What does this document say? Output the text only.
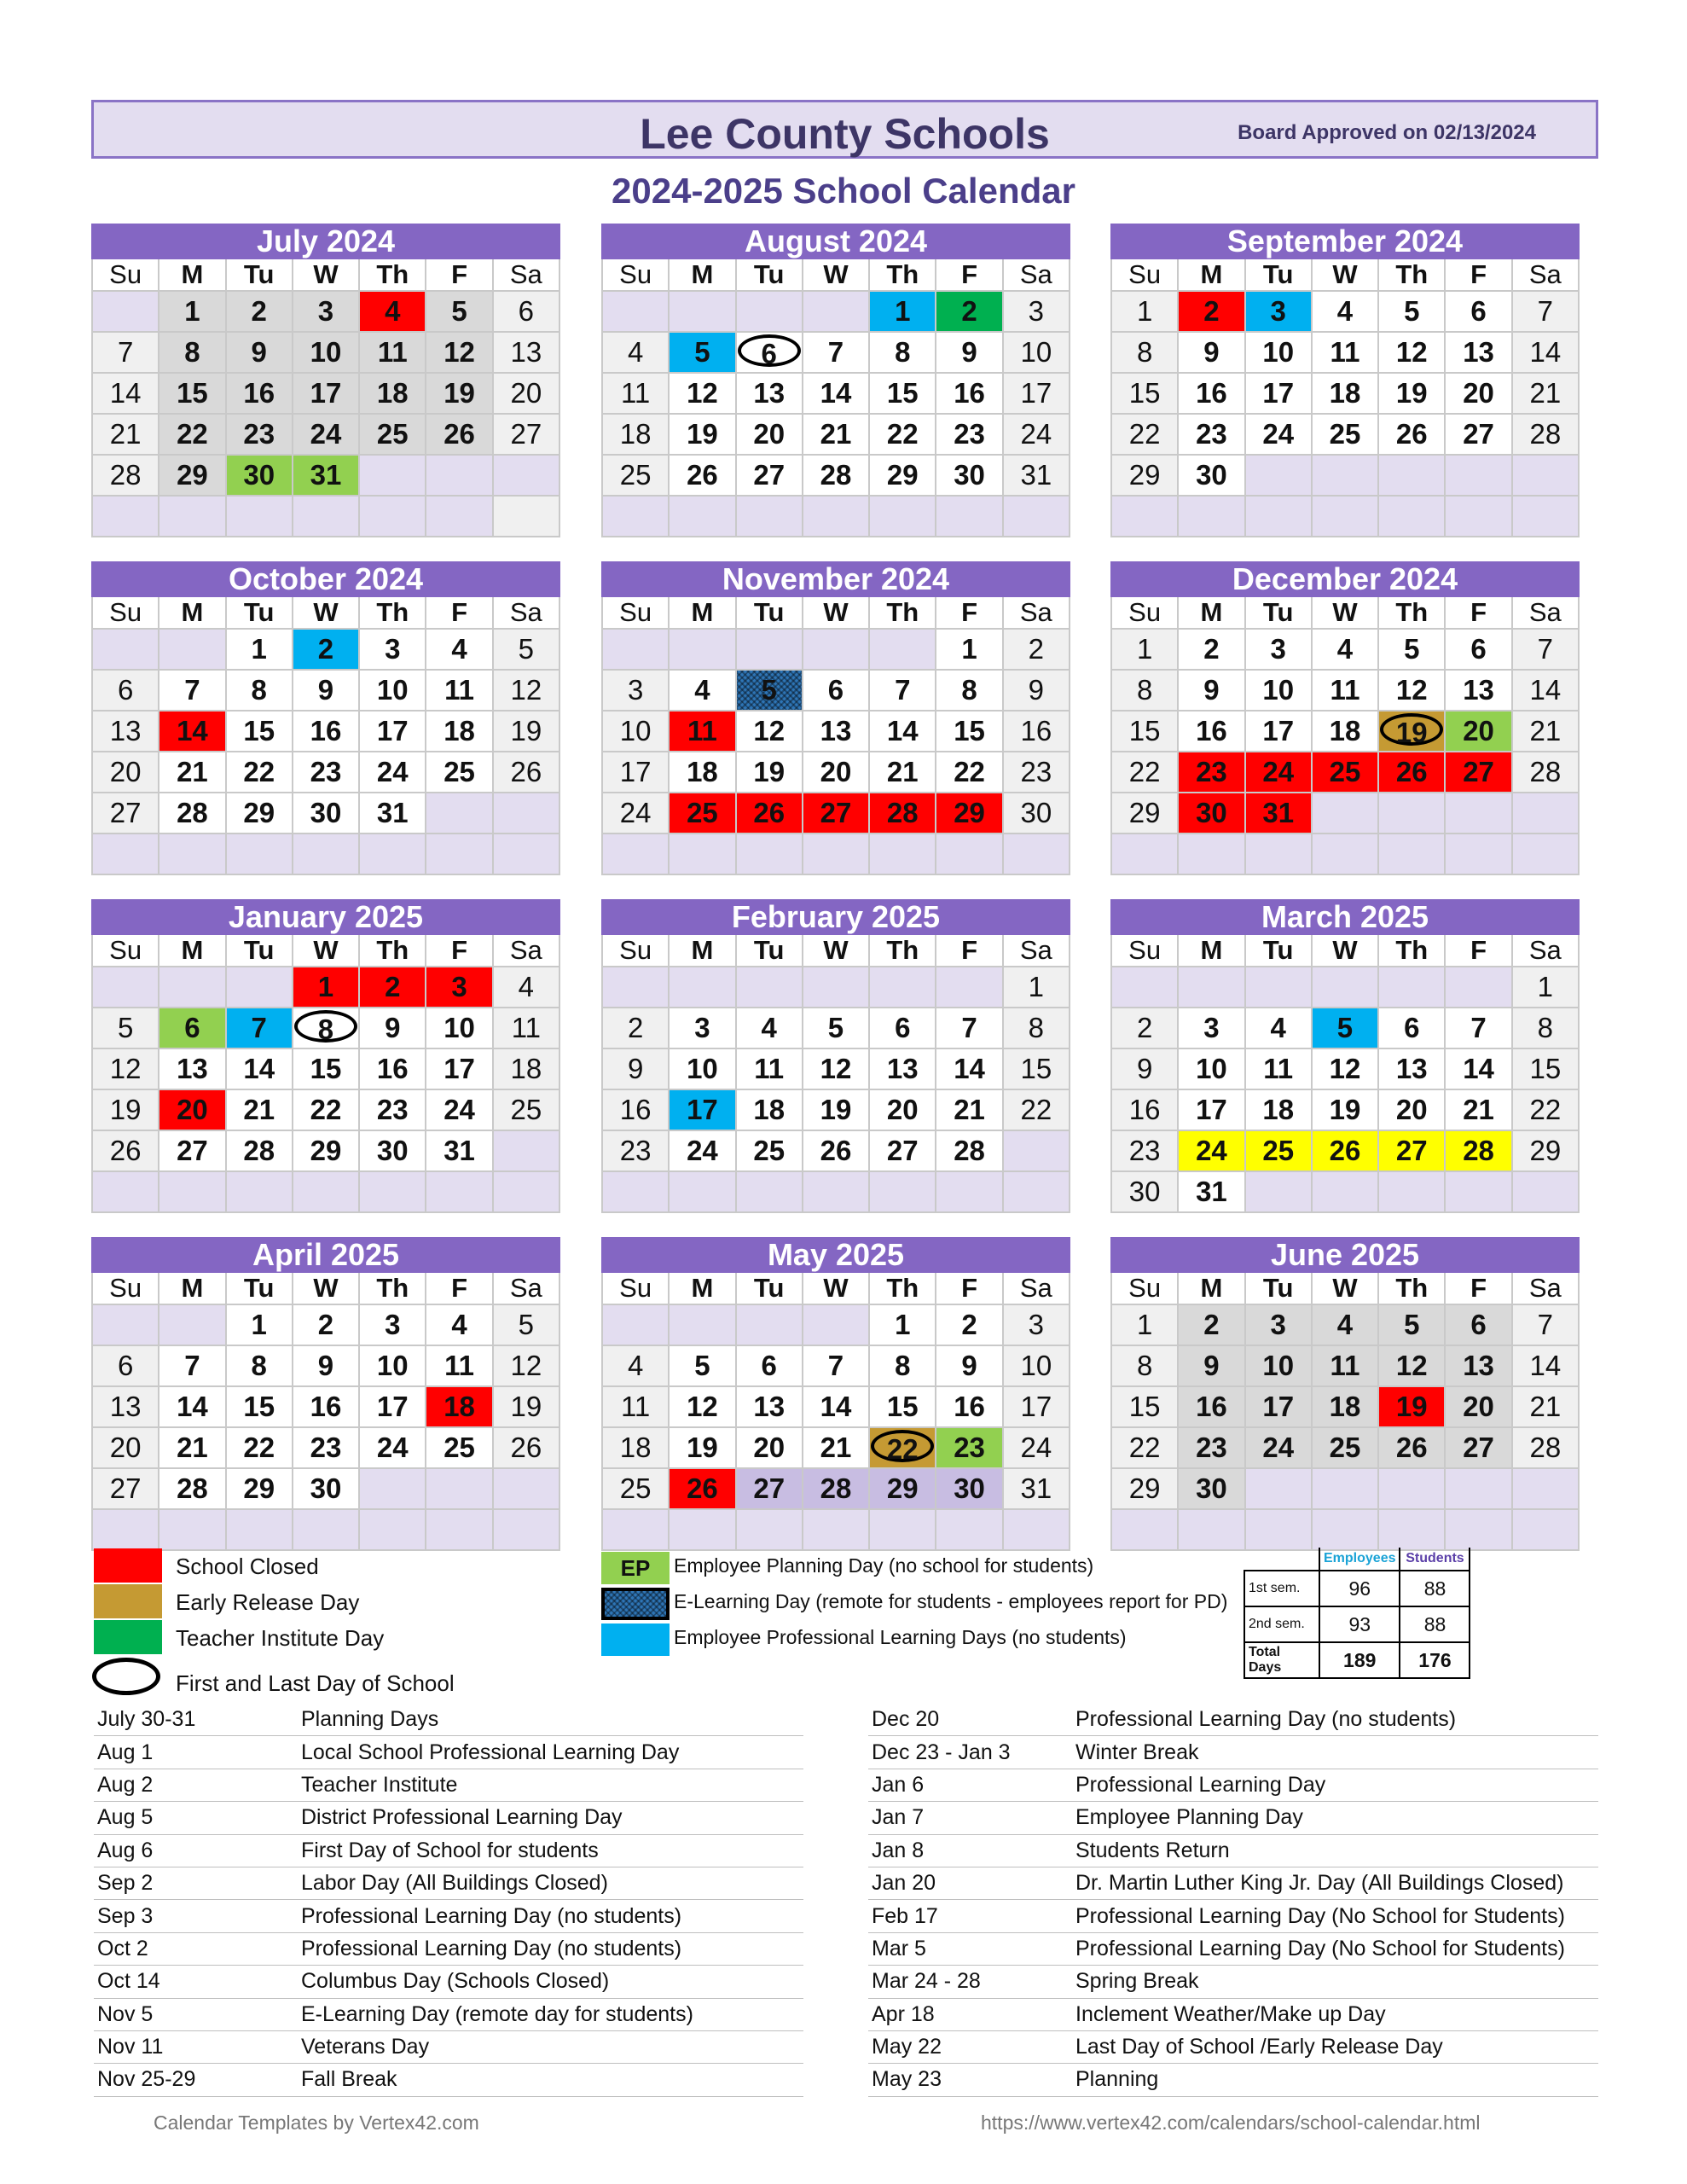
Lee County Schools	Board Approved on 02/13/2024
2024-2025 School Calendar
July 2024
Su	M	Tu	W	Th	F	Sa
	1	2	3	4	5	6
7	8	9	10	11	12	13
14	15	16	17	18	19	20
21	22	23	24	25	26	27
28	29	30	31			

August 2024
Su	M	Tu	W	Th	F	Sa
				1	2	3
4	5	6	7	8	9	10
11	12	13	14	15	16	17
18	19	20	21	22	23	24
25	26	27	28	29	30	31

September 2024
Su	M	Tu	W	Th	F	Sa
1	2	3	4	5	6	7
8	9	10	11	12	13	14
15	16	17	18	19	20	21
22	23	24	25	26	27	28
29	30					

October 2024
Su	M	Tu	W	Th	F	Sa
		1	2	3	4	5
6	7	8	9	10	11	12
13	14	15	16	17	18	19
20	21	22	23	24	25	26
27	28	29	30	31		

November 2024
Su	M	Tu	W	Th	F	Sa
					1	2
3	4	5	6	7	8	9
10	11	12	13	14	15	16
17	18	19	20	21	22	23
24	25	26	27	28	29	30

December 2024
Su	M	Tu	W	Th	F	Sa
1	2	3	4	5	6	7
8	9	10	11	12	13	14
15	16	17	18	19	20	21
22	23	24	25	26	27	28
29	30	31				

January 2025
Su	M	Tu	W	Th	F	Sa
			1	2	3	4
5	6	7	8	9	10	11
12	13	14	15	16	17	18
19	20	21	22	23	24	25
26	27	28	29	30	31	

February 2025
Su	M	Tu	W	Th	F	Sa
						1
2	3	4	5	6	7	8
9	10	11	12	13	14	15
16	17	18	19	20	21	22
23	24	25	26	27	28	

March 2025
Su	M	Tu	W	Th	F	Sa
						1
2	3	4	5	6	7	8
9	10	11	12	13	14	15
16	17	18	19	20	21	22
23	24	25	26	27	28	29
30	31					
April 2025
Su	M	Tu	W	Th	F	Sa
		1	2	3	4	5
6	7	8	9	10	11	12
13	14	15	16	17	18	19
20	21	22	23	24	25	26
27	28	29	30			

May 2025
Su	M	Tu	W	Th	F	Sa
				1	2	3
4	5	6	7	8	9	10
11	12	13	14	15	16	17
18	19	20	21	22	23	24
25	26	27	28	29	30	31

June 2025
Su	M	Tu	W	Th	F	Sa
1	2	3	4	5	6	7
8	9	10	11	12	13	14
15	16	17	18	19	20	21
22	23	24	25	26	27	28
29	30					

School Closed
Early Release Day
Teacher Institute Day
First and Last Day of School
EP	Employee Planning Day (no school for students)
E-Learning Day (remote for students - employees report for PD)
Employee Professional Learning Days (no students)
	Employees	Students
1st sem.	96	88
2nd sem.	93	88
Total Days	189	176
July 30-31	Planning Days
Aug 1	Local School Professional Learning Day
Aug 2	Teacher Institute
Aug 5	District Professional Learning Day
Aug 6	First Day of School for students
Sep 2	Labor Day (All Buildings Closed)
Sep 3	Professional Learning Day (no students)
Oct 2	Professional Learning Day (no students)
Oct 14	Columbus Day (Schools Closed)
Nov 5	E-Learning Day (remote day for students)
Nov 11	Veterans Day
Nov 25-29	Fall Break
Dec 20	Professional Learning Day (no students)
Dec 23 - Jan 3	Winter Break
Jan 6	Professional Learning Day
Jan 7	Employee Planning Day
Jan 8	Students Return
Jan 20	Dr. Martin Luther King Jr. Day (All Buildings Closed)
Feb 17	Professional Learning Day (No School for Students)
Mar 5	Professional Learning Day (No School for Students)
Mar 24 - 28	Spring Break
Apr 18	Inclement Weather/Make up Day
May 22	Last Day of School /Early Release Day
May 23	Planning
Calendar Templates by Vertex42.com	https://www.vertex42.com/calendars/school-calendar.html
